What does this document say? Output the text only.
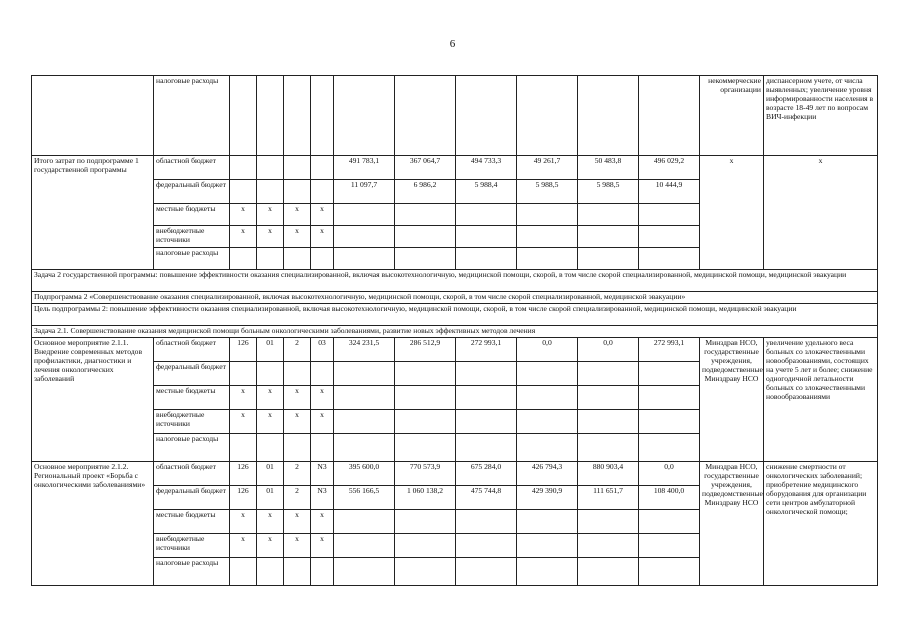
6
	налоговые расходы											некоммерческие организации	диспансерном учете, от числа выявленных; увеличение уровня информированности населения в возрасте 18-49 лет по вопросам ВИЧ-инфекции
Итого затрат по подпрограмме 1 государственной программы	областной бюджет					491 783,1	367 064,7	494 733,3	49 261,7	50 483,8	496 029,2	x	x
	федеральный бюджет					11 097,7	6 986,2	5 988,4	5 988,5	5 988,5	10 444,9		
	местные бюджеты	x	x	x	x								
	внебюджетные источники	x	x	x	x								
	налоговые расходы												
Задача 2 государственной программы: повышение эффективности оказания специализированной, включая высокотехнологичную, медицинской помощи, скорой, в том числе скорой специализированной, медицинской помощи, медицинской эвакуации													
Подпрограмма 2 «Совершенствование оказания специализированной, включая высокотехнологичную, медицинской помощи, скорой, в том числе скорой специализированной, медицинской эвакуации»													
Цель подпрограммы 2: повышение эффективности оказания специализированной, включая высокотехнологичную, медицинской помощи, скорой, в том числе скорой специализированной, медицинской помощи, медицинской эвакуации													
Задача 2.1. Совершенствование оказания медицинской помощи больным онкологическими заболеваниями, развитие новых эффективных методов лечения													
Основное мероприятие 2.1.1. Внедрение современных методов профилактики, диагностики и лечения онкологических заболеваний	областной бюджет	126	01	2	03	324 231,5	286 512,9	272 993,1	0,0	0,0	272 993,1	Минздрав НСО, государственные учреждения, подведомственные Минздраву НСО	увеличение удельного веса больных со злокачественными новообразованиями, состоящих на учете 5 лет и более; снижение одногодичной летальности больных со злокачественными новообразованиями
	федеральный бюджет												
	местные бюджеты	x	x	x	x								
	внебюджетные источники	x	x	x	x								
	налоговые расходы												
Основное мероприятие 2.1.2. Региональный проект «Борьба с онкологическими заболеваниями»	областной бюджет	126	01	2	N3	395 600,0	770 573,9	675 284,0	426 794,3	880 903,4	0,0	Минздрав НСО, государственные учреждения, подведомственные Минздраву НСО	снижение смертности от онкологических заболеваний; приобретение медицинского оборудования для организации сети центров амбулаторной онкологической помощи;
	федеральный бюджет	126	01	2	N3	556 166,5	1 060 138,2	475 744,8	429 390,9	111 651,7	108 400,0		
	местные бюджеты	x	x	x	x								
	внебюджетные источники	x	x	x	x								
	налоговые расходы												
